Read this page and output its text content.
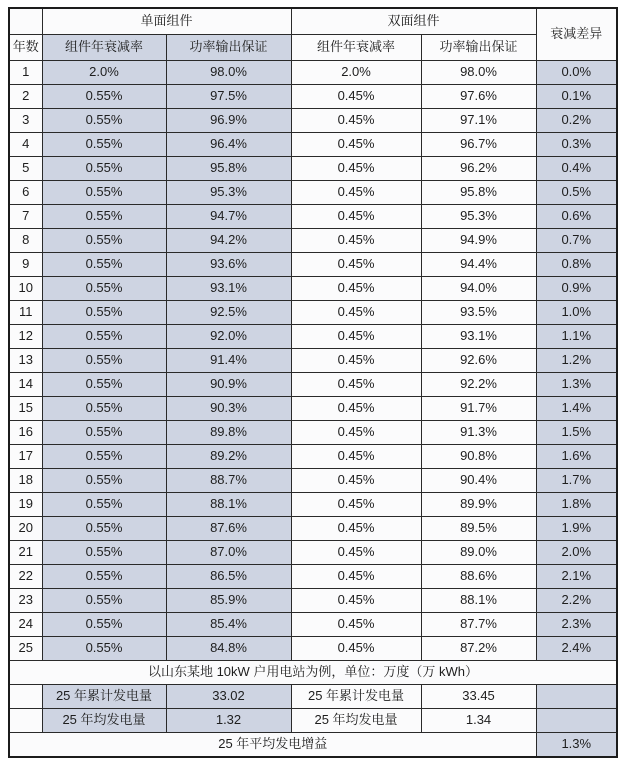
	单面组件		双面组件		衰减差异
年数	组件年衰减率	功率输出保证	组件年衰减率	功率输出保证	
1	2.0%	98.0%	2.0%	98.0%	0.0%
2	0.55%	97.5%	0.45%	97.6%	0.1%
3	0.55%	96.9%	0.45%	97.1%	0.2%
4	0.55%	96.4%	0.45%	96.7%	0.3%
5	0.55%	95.8%	0.45%	96.2%	0.4%
6	0.55%	95.3%	0.45%	95.8%	0.5%
7	0.55%	94.7%	0.45%	95.3%	0.6%
8	0.55%	94.2%	0.45%	94.9%	0.7%
9	0.55%	93.6%	0.45%	94.4%	0.8%
10	0.55%	93.1%	0.45%	94.0%	0.9%
11	0.55%	92.5%	0.45%	93.5%	1.0%
12	0.55%	92.0%	0.45%	93.1%	1.1%
13	0.55%	91.4%	0.45%	92.6%	1.2%
14	0.55%	90.9%	0.45%	92.2%	1.3%
15	0.55%	90.3%	0.45%	91.7%	1.4%
16	0.55%	89.8%	0.45%	91.3%	1.5%
17	0.55%	89.2%	0.45%	90.8%	1.6%
18	0.55%	88.7%	0.45%	90.4%	1.7%
19	0.55%	88.1%	0.45%	89.9%	1.8%
20	0.55%	87.6%	0.45%	89.5%	1.9%
21	0.55%	87.0%	0.45%	89.0%	2.0%
22	0.55%	86.5%	0.45%	88.6%	2.1%
23	0.55%	85.9%	0.45%	88.1%	2.2%
24	0.55%	85.4%	0.45%	87.7%	2.3%
25	0.55%	84.8%	0.45%	87.2%	2.4%
以山东某地 10kW 户用电站为例，单位：万度（万 kWh）					
	25 年累计发电量	33.02	25 年累计发电量	33.45	
	25 年均发电量	1.32	25 年均发电量	1.34	
25 年平均发电增益					1.3%
